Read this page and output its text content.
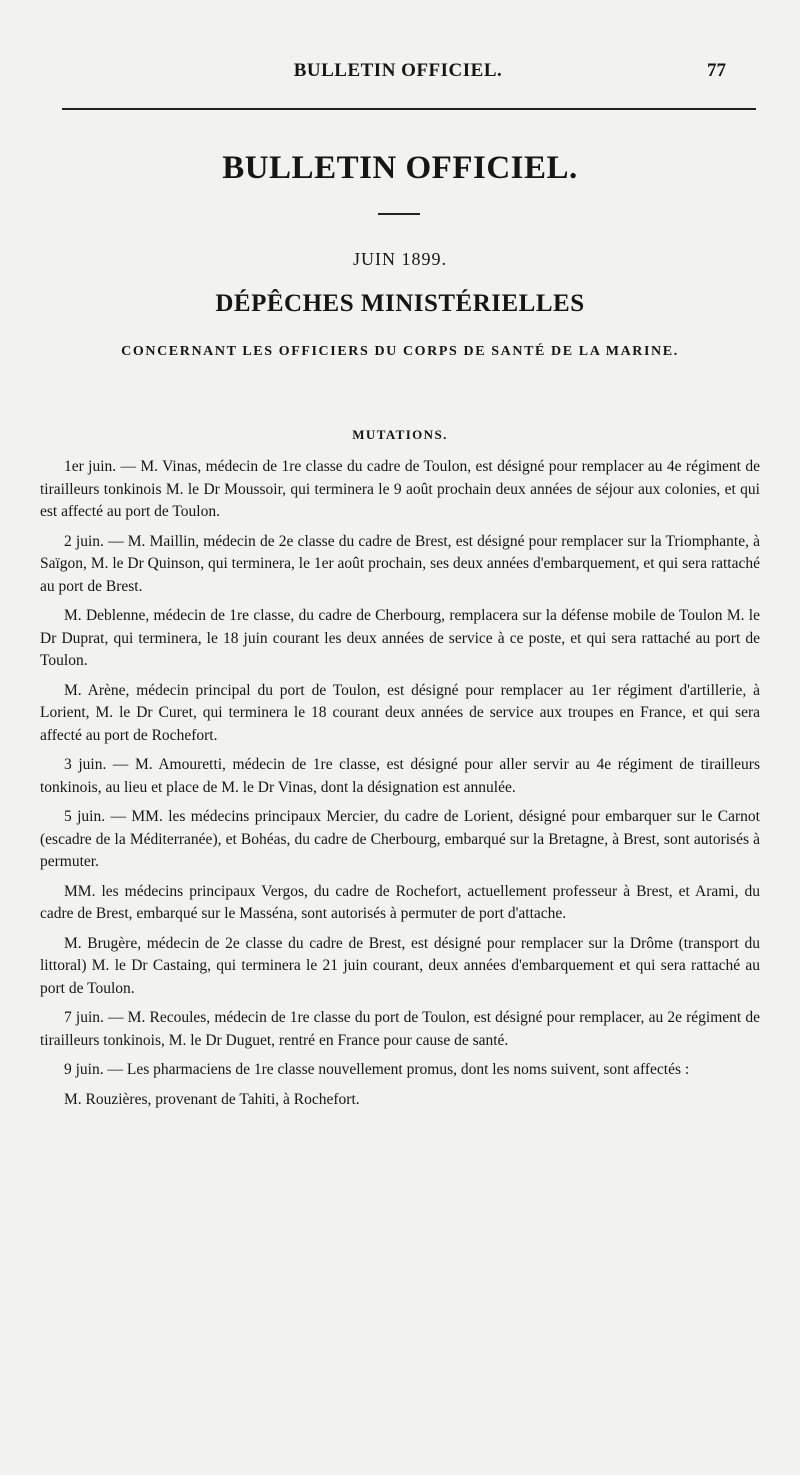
BULLETIN OFFICIEL.	77
BULLETIN OFFICIEL.
JUIN 1899.
DÉPÊCHES MINISTÉRIELLES
CONCERNANT LES OFFICIERS DU CORPS DE SANTÉ DE LA MARINE.
MUTATIONS.

1er juin. — M. Vinas, médecin de 1re classe du cadre de Toulon, est désigné pour remplacer au 4e régiment de tirailleurs tonkinois M. le Dr Moussoir, qui terminera le 9 août prochain deux années de séjour aux colonies, et qui est affecté au port de Toulon.

2 juin. — M. Maillin, médecin de 2e classe du cadre de Brest, est désigné pour remplacer sur la Triomphante, à Saïgon, M. le Dr Quinson, qui terminera, le 1er août prochain, ses deux années d'embarquement, et qui sera rattaché au port de Brest.

M. Deblenne, médecin de 1re classe, du cadre de Cherbourg, remplacera sur la défense mobile de Toulon M. le Dr Duprat, qui terminera, le 18 juin courant les deux années de service à ce poste, et qui sera rattaché au port de Toulon.

M. Arène, médecin principal du port de Toulon, est désigné pour remplacer au 1er régiment d'artillerie, à Lorient, M. le Dr Curet, qui terminera le 18 courant deux années de service aux troupes en France, et qui sera affecté au port de Rochefort.

3 juin. — M. Amouretti, médecin de 1re classe, est désigné pour aller servir au 4e régiment de tirailleurs tonkinois, au lieu et place de M. le Dr Vinas, dont la désignation est annulée.

5 juin. — MM. les médecins principaux Mercier, du cadre de Lorient, désigné pour embarquer sur le Carnot (escadre de la Méditerranée), et Bohéas, du cadre de Cherbourg, embarqué sur la Bretagne, à Brest, sont autorisés à permuter.

MM. les médecins principaux Vergos, du cadre de Rochefort, actuellement professeur à Brest, et Arami, du cadre de Brest, embarqué sur le Masséna, sont autorisés à permuter de port d'attache.

M. Brugère, médecin de 2e classe du cadre de Brest, est désigné pour remplacer sur la Drôme (transport du littoral) M. le Dr Castaing, qui terminera le 21 juin courant, deux années d'embarquement et qui sera rattaché au port de Toulon.

7 juin. — M. Recoules, médecin de 1re classe du port de Toulon, est désigné pour remplacer, au 2e régiment de tirailleurs tonkinois, M. le Dr Duguet, rentré en France pour cause de santé.

9 juin. — Les pharmaciens de 1re classe nouvellement promus, dont les noms suivent, sont affectés :

M. Rouzières, provenant de Tahiti, à Rochefort.
